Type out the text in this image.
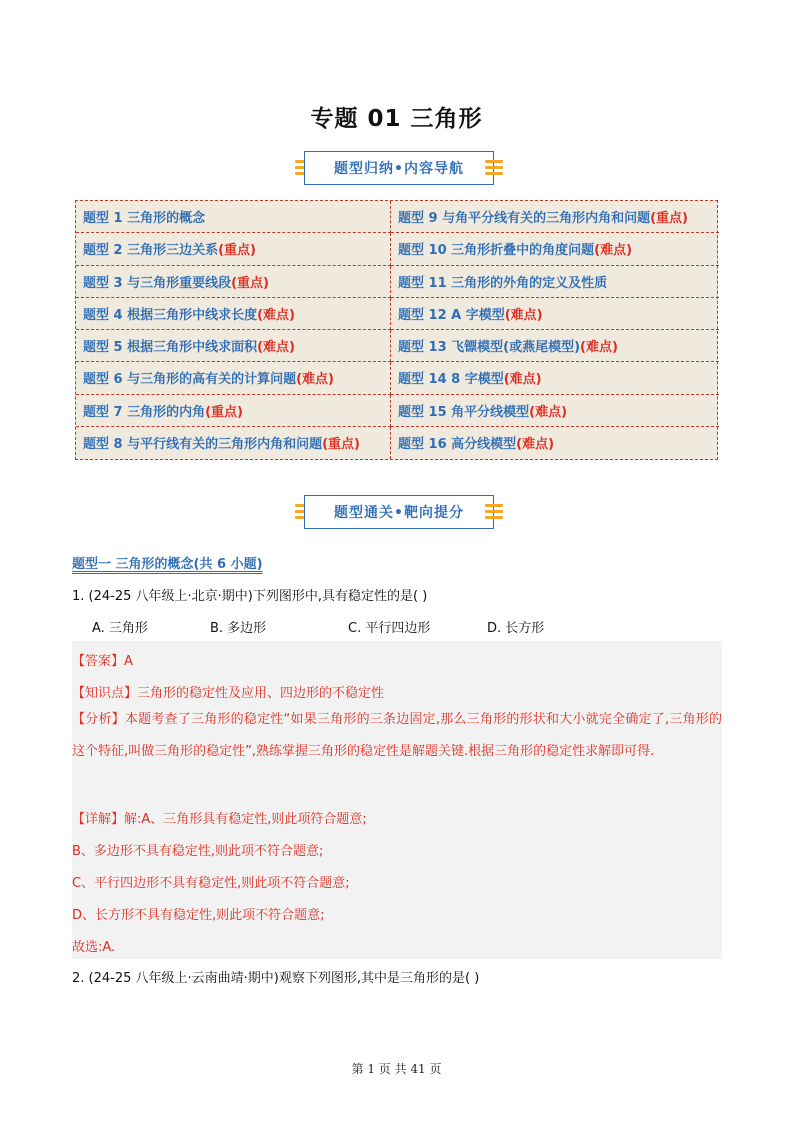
专题 01 三角形
题型归纳•内容导航
题型 1 三角形的概念	题型 9 与角平分线有关的三角形内角和问题 (重点)
题型 2 三角形三边关系 (重点)	题型 10 三角形折叠中的角度问题 (难点)
题型 3 与三角形重要线段 (重点)	题型 11 三角形的外角的定义及性质
题型 4 根据三角形中线求长度 (难点)	题型 12 A 字模型 (难点)
题型 5 根据三角形中线求面积 (难点)	题型 13 飞镖模型(或燕尾模型) (难点)
题型 6 与三角形的高有关的计算问题 (难点)	题型 14 8 字模型 (难点)
题型 7 三角形的内角 (重点)	题型 15 角平分线模型 (难点)
题型 8 与平行线有关的三角形内角和问题 (重点)	题型 16 高分线模型 (难点)
题型通关•靶向提分
题型一 三角形的概念(共 6 小题)
1. (24-25 八年级上·北京·期中)下列图形中,具有稳定性的是( )
A. 三角形	B. 多边形	C. 平行四边形	D. 长方形
【答案】A
【知识点】三角形的稳定性及应用、四边形的不稳定性
【分析】本题考查了三角形的稳定性“如果三角形的三条边固定,那么三角形的形状和大小就完全确定了,三角形的这个特征,叫做三角形的稳定性”,熟练掌握三角形的稳定性是解题关键.根据三角形的稳定性求解即可得.
【详解】解:A、三角形具有稳定性,则此项符合题意;
B、多边形不具有稳定性,则此项不符合题意;
C、平行四边形不具有稳定性,则此项不符合题意;
D、长方形不具有稳定性,则此项不符合题意;
故选:A.
2. (24-25 八年级上·云南曲靖·期中)观察下列图形,其中是三角形的是( )
第 1 页 共 41 页
